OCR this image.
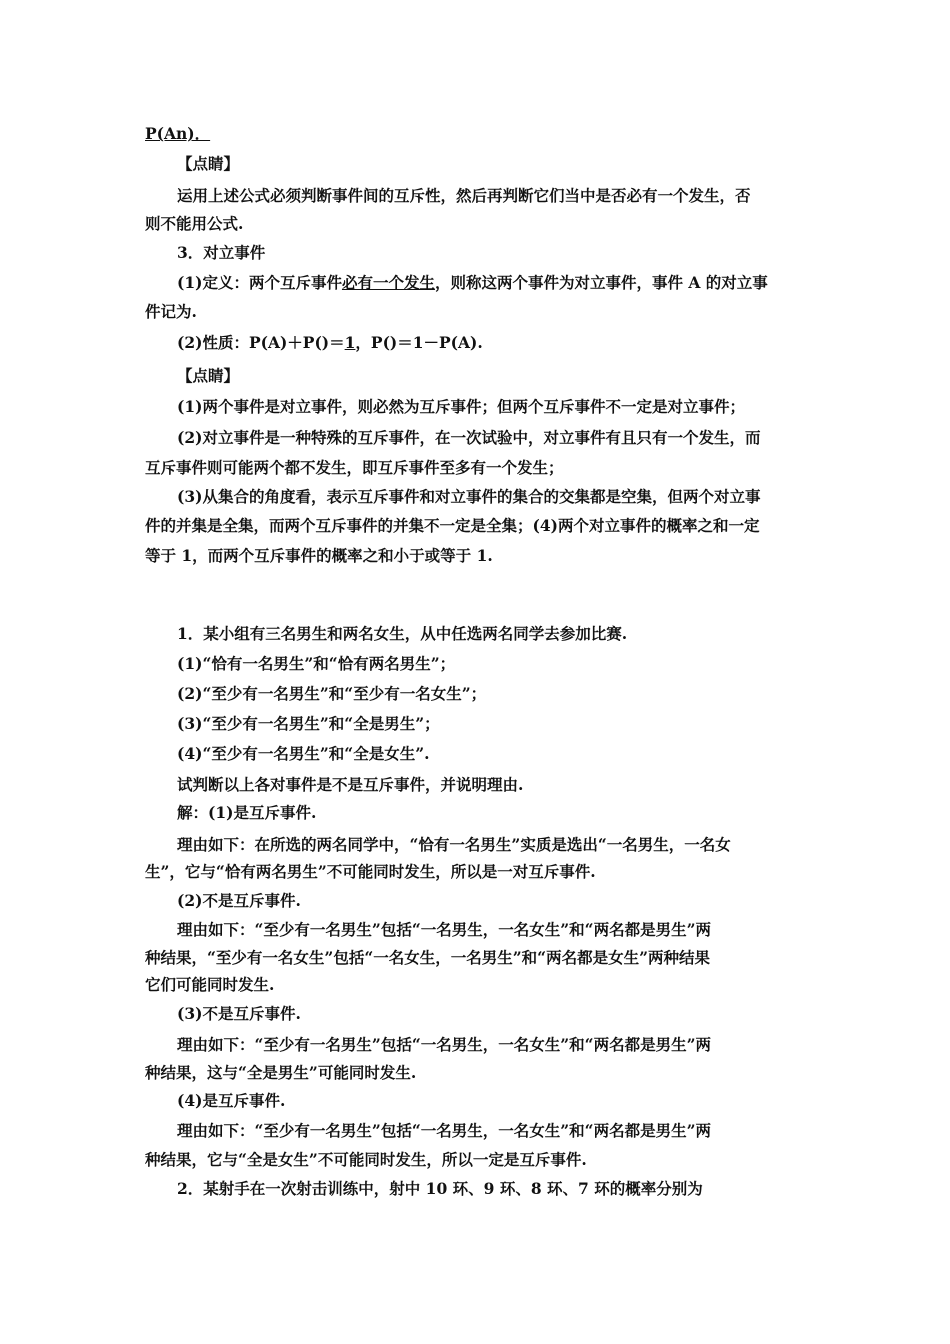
P(An)．
【点睛】
运用上述公式必须判断事件间的互斥性，然后再判断它们当中是否必有一个发生，否
则不能用公式.
3．对立事件
(1)定义：两个互斥事件必有一个发生，则称这两个事件为对立事件，事件 A 的对立事
件记为.
(2)性质：P(A)＋P()＝1，P()＝1－P(A).
【点睛】
(1)两个事件是对立事件，则必然为互斥事件；但两个互斥事件不一定是对立事件；
(2)对立事件是一种特殊的互斥事件，在一次试验中，对立事件有且只有一个发生，而
互斥事件则可能两个都不发生，即互斥事件至多有一个发生；
(3)从集合的角度看，表示互斥事件和对立事件的集合的交集都是空集，但两个对立事
件的并集是全集，而两个互斥事件的并集不一定是全集；(4)两个对立事件的概率之和一定
等于 1，而两个互斥事件的概率之和小于或等于 1.
1．某小组有三名男生和两名女生，从中任选两名同学去参加比赛.
(1)“恰有一名男生”和“恰有两名男生”；
(2)“至少有一名男生”和“至少有一名女生”；
(3)“至少有一名男生”和“全是男生”；
(4)“至少有一名男生”和“全是女生”.
试判断以上各对事件是不是互斥事件，并说明理由.
解：(1)是互斥事件.
理由如下：在所选的两名同学中，“恰有一名男生”实质是选出“一名男生，一名女
生”，它与“恰有两名男生”不可能同时发生，所以是一对互斥事件.
(2)不是互斥事件.
理由如下：“至少有一名男生”包括“一名男生，一名女生”和“两名都是男生”两
种结果，“至少有一名女生”包括“一名女生，一名男生”和“两名都是女生”两种结果
它们可能同时发生.
(3)不是互斥事件.
理由如下：“至少有一名男生”包括“一名男生，一名女生”和“两名都是男生”两
种结果，这与“全是男生”可能同时发生.
(4)是互斥事件.
理由如下：“至少有一名男生”包括“一名男生，一名女生”和“两名都是男生”两
种结果，它与“全是女生”不可能同时发生，所以一定是互斥事件.
2．某射手在一次射击训练中，射中 10 环、9 环、8 环、7 环的概率分别为
